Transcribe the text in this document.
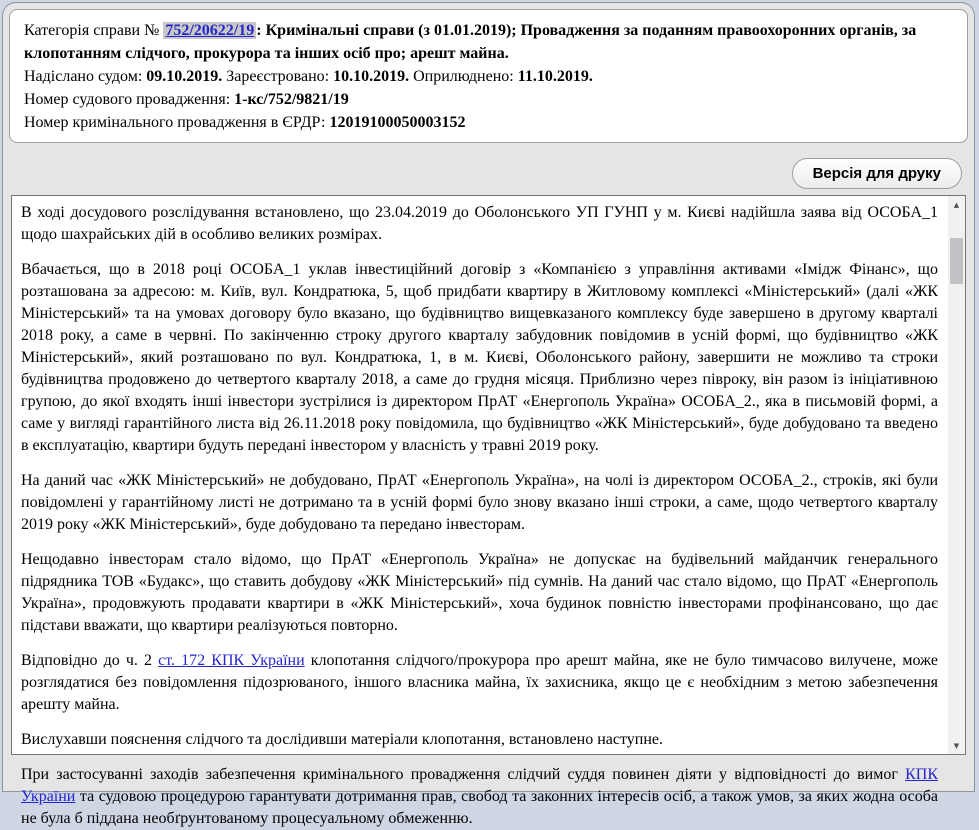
Категорія справи № 752/20622/19 : Кримінальні справи (з 01.01.2019); Провадження за поданням правоохоронних органів, за клопотанням слідчого, прокурора та інших осіб про; арешт майна.

Надіслано судом: 09.10.2019. Зареєстровано: 10.10.2019. Оприлюднено: 11.10.2019.

Номер судового провадження: 1-кс/752/9821/19

Номер кримінального провадження в ЄРДР: 12019100050003152

Версія для друку

В ході досудового розслідування встановлено, що 23.04.2019 до Оболонського УП ГУНП у м. Києві надійшла заява від ОСОБА_1 щодо шахрайських дій в особливо великих розмірах.

Вбачається, що в 2018 році ОСОБА_1 уклав інвестиційний договір з «Компанією з управління активами «Імідж Фінанс», що розташована за адресою: м. Київ, вул. Кондратюка, 5, щоб придбати квартиру в Житловому комплексі «Міністерський» (далі «ЖК Міністерський» та на умовах договору було вказано, що будівництво вищевказаного комплексу буде завершено в другому кварталі 2018 року, а саме в червні. По закінченню строку другого кварталу забудовник повідомив в усній формі, що будівництво «ЖК Міністерський», який розташовано по вул. Кондратюка, 1, в м. Києві, Оболонського району, завершити не можливо та строки будівництва продовжено до четвертого кварталу 2018, а саме до грудня місяця. Приблизно через півроку, він разом із ініціативною групою, до якої входять інші інвестори зустрілися із директором ПрАТ «Енергополь Україна» ОСОБА_2., яка в письмовій формі, а саме у вигляді гарантійного листа від 26.11.2018 року повідомила, що будівництво «ЖК Міністерський», буде добудовано та введено в експлуатацію, квартири будуть передані інвестором у власність у травні 2019 року.

На даний час «ЖК Міністерський» не добудовано, ПрАТ «Енергополь Україна», на чолі із директором ОСОБА_2., строків, які були повідомлені у гарантійному листі не дотримано та в усній формі було знову вказано інші строки, а саме, щодо четвертого кварталу 2019 року «ЖК Міністерський», буде добудовано та передано інвесторам.

Нещодавно інвесторам стало відомо, що ПрАТ «Енергополь Україна» не допускає на будівельний майданчик генерального підрядника ТОВ «Будакс», що ставить добудову «ЖК Міністерський» під сумнів. На даний час стало відомо, що ПрАТ «Енергополь Україна», продовжують продавати квартири в «ЖК Міністерський», хоча будинок повністю інвесторами профінансовано, що дає підстави вважати, що квартири реалізуються повторно.

Відповідно до ч. 2 ст. 172 КПК України клопотання слідчого/прокурора про арешт майна, яке не було тимчасово вилучене, може розглядатися без повідомлення підозрюваного, іншого власника майна, їх захисника, якщо це є необхідним з метою забезпечення арешту майна.

Вислухавши пояснення слідчого та дослідивши матеріали клопотання, встановлено наступне.

При застосуванні заходів забезпечення кримінального провадження слідчий суддя повинен діяти у відповідності до вимог КПК України та судовою процедурою гарантувати дотримання прав, свобод та законних інтересів осіб, а також умов, за яких жодна особа не була б піддана необґрунтованому процесуальному обмеженню.

▲
▼
